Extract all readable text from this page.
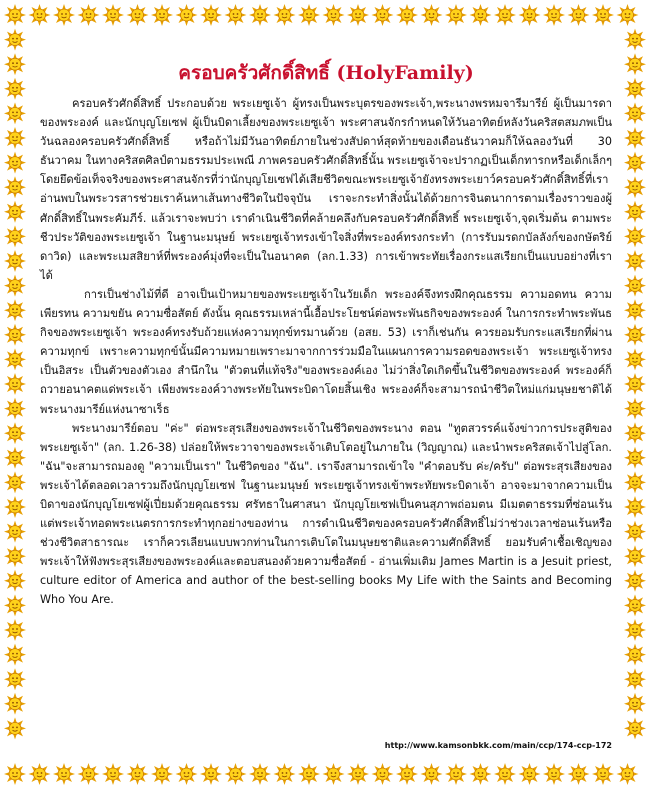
ครอบครัวศักดิ์สิทธิ์ (HolyFamily)

ครอบครัวศักดิ์สิทธิ์ ประกอบด้วย พระเยซูเจ้า ผู้ทรงเป็นพระบุตรของพระเจ้า,พระนางพรหมจารีมารีย์ ผู้เป็นมารดาของพระองค์ และนักบุญโยเซฟ ผู้เป็นบิดาเลี้ยงของพระเยซูเจ้า พระศาสนจักรกำหนดให้วันอาทิตย์หลังวันคริสตสมภพเป็นวันฉลองครอบครัวศักดิ์สิทธิ์ หรือถ้าไม่มีวันอาทิตย์ภายในช่วงสัปดาห์สุดท้ายของเดือนธันวาคมก็ให้ฉลองวันที่ 30 ธันวาคม ในทางคริสตศิลป์ตามธรรมประเพณี ภาพครอบครัวศักดิ์สิทธิ์นั้น พระเยซูเจ้าจะปรากฏเป็นเด็กทารกหรือเด็กเล็กๆ โดยยึดข้อเท็จจริงของพระศาสนจักรที่ว่านักบุญโยเซฟได้เสียชีวิตขณะพระเยซูเจ้ายังทรงพระเยาว์ครอบครัวศักดิ์สิทธิ์ที่เราอ่านพบในพระวรสารช่วยเราค้นหาเส้นทางชีวิตในปัจจุบัน เราจะกระทำสิ่งนั้นได้ด้วยการจินตนาการตามเรื่องราวของผู้ศักดิ์สิทธิ์ในพระคัมภีร์. แล้วเราจะพบว่า เราดำเนินชีวิตที่คล้ายคลึงกับครอบครัวศักดิ์สิทธิ์ พระเยซูเจ้า,จุดเริ่มต้น ตามพระชีวประวัติของพระเยซูเจ้า ในฐานะมนุษย์ พระเยซูเจ้าทรงเข้าใจสิ่งที่พระองค์ทรงกระทำ (การรับมรดกบัลลังก์ของกษัตริย์ดาวิด) และพระเมสสิยาห์ที่พระองค์มุ่งที่จะเป็นในอนาคต (ลก.1.33) การเข้าพระทัยเรื่องกระแสเรียกเป็นแบบอย่างที่เราได้

การเป็นช่างไม้ที่ดี อาจเป็นเป้าหมายของพระเยซูเจ้าในวัยเด็ก พระองค์จึงทรงฝึกคุณธรรม ความอดทน ความเพียรทน ความขยัน ความซื่อสัตย์ ดังนั้น คุณธรรมเหล่านี้เอื้อประโยชน์ต่อพระพันธกิจของพระองค์ ในการกระทำพระพันธกิจของพระเยซูเจ้า พระองค์ทรงรับถ้วยแห่งความทุกข์ทรมานด้วย (อสย. 53) เราก็เช่นกัน ควรยอมรับกระแสเรียกที่ผ่านความทุกข์ เพราะความทุกข์นั้นมีความหมายเพราะมาจากการร่วมมือในแผนการความรอดของพระเจ้า พระเยซูเจ้าทรงเป็นอิสระ เป็นตัวของตัวเอง สำนึกใน "ตัวตนที่แท้จริง"ของพระองค์เอง ไม่ว่าสิ่งใดเกิดขึ้นในชีวิตของพระองค์ พระองค์ก็ถวายอนาคตแด่พระเจ้า เพียงพระองค์วางพระทัยในพระบิดาโดยสิ้นเชิง พระองค์ก็จะสามารถนำชีวิตใหม่แก่มนุษยชาติได้ พระนางมารีย์แห่งนาซาเร็ธ

พระนางมารีย์ตอบ "ค่ะ" ต่อพระสุรเสียงของพระเจ้าในชีวิตของพระนาง ตอน "ทูตสวรรค์แจ้งข่าวการประสูติของพระเยซูเจ้า" (ลก. 1.26-38) ปล่อยให้พระวาจาของพระเจ้าเติบโตอยู่ในภายใน (วิญญาณ) และนำพระคริสตเจ้าไปสู่โลก. "ฉัน"จะสามารถมองดู "ความเป็นเรา" ในชีวิตของ "ฉัน". เราจึงสามารถเข้าใจ "คำตอบรับ ค่ะ/ครับ" ต่อพระสุรเสียงของพระเจ้าได้ตลอดเวลารวมถึงนักบุญโยเซฟ ในฐานะมนุษย์ พระเยซูเจ้าทรงเข้าพระทัยพระบิดาเจ้า อาจจะมาจากความเป็นบิดาของนักบุญโยเซฟผู้เปี่ยมด้วยคุณธรรม ศรัทธาในศาสนา นักบุญโยเซฟเป็นคนสุภาพถ่อมตน มีเมตตาธรรมที่ซ่อนเร้น แต่พระเจ้าทอดพระเนตรการกระทำทุกอย่างของท่าน การดำเนินชีวิตของครอบครัวศักดิ์สิทธิ์ไม่ว่าช่วงเวลาซ่อนเร้นหรือช่วงชีวิตสาธารณะ เราก็ควรเลียนแบบพวกท่านในการเติบโตในมนุษยชาติและความศักดิ์สิทธิ์ ยอมรับคำเชื้อเชิญของพระเจ้าให้ฟังพระสุรเสียงของพระองค์และตอบสนองด้วยความซื่อสัตย์ - อ่านเพิ่มเติม James Martin is a Jesuit priest, culture editor of America and author of the best-selling books My Life with the Saints and Becoming Who You Are.

http://www.kamsonbkk.com/main/ccp/174-ccp-172
